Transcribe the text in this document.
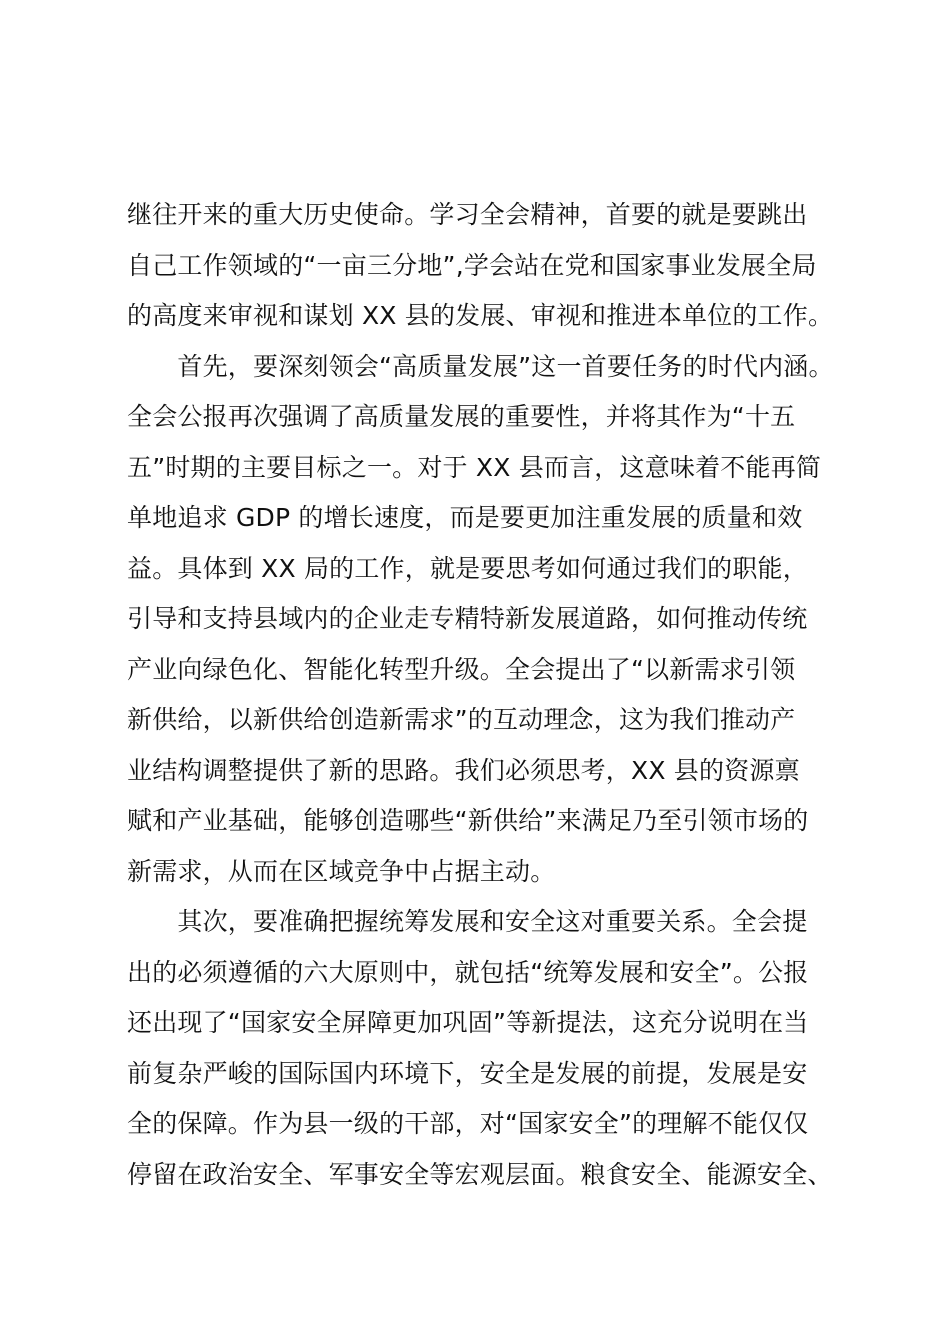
继往开来的重大历史使命。学习全会精神，首要的就是要跳出
自己工作领域的“一亩三分地”,学会站在党和国家事业发展全局
的高度来审视和谋划 XX 县的发展、审视和推进本单位的工作。

　　首先，要深刻领会“高质量发展”这一首要任务的时代内涵。
全会公报再次强调了高质量发展的重要性，并将其作为“十五
五”时期的主要目标之一。对于 XX 县而言，这意味着不能再简
单地追求 GDP 的增长速度，而是要更加注重发展的质量和效
益。具体到 XX 局的工作，就是要思考如何通过我们的职能，
引导和支持县域内的企业走专精特新发展道路，如何推动传统
产业向绿色化、智能化转型升级。全会提出了“以新需求引领
新供给，以新供给创造新需求”的互动理念，这为我们推动产
业结构调整提供了新的思路。我们必须思考，XX 县的资源禀
赋和产业基础，能够创造哪些“新供给”来满足乃至引领市场的
新需求，从而在区域竞争中占据主动。

　　其次，要准确把握统筹发展和安全这对重要关系。全会提
出的必须遵循的六大原则中，就包括“统筹发展和安全”。公报
还出现了“国家安全屏障更加巩固”等新提法，这充分说明在当
前复杂严峻的国际国内环境下，安全是发展的前提，发展是安
全的保障。作为县一级的干部，对“国家安全”的理解不能仅仅
停留在政治安全、军事安全等宏观层面。粮食安全、能源安全、
